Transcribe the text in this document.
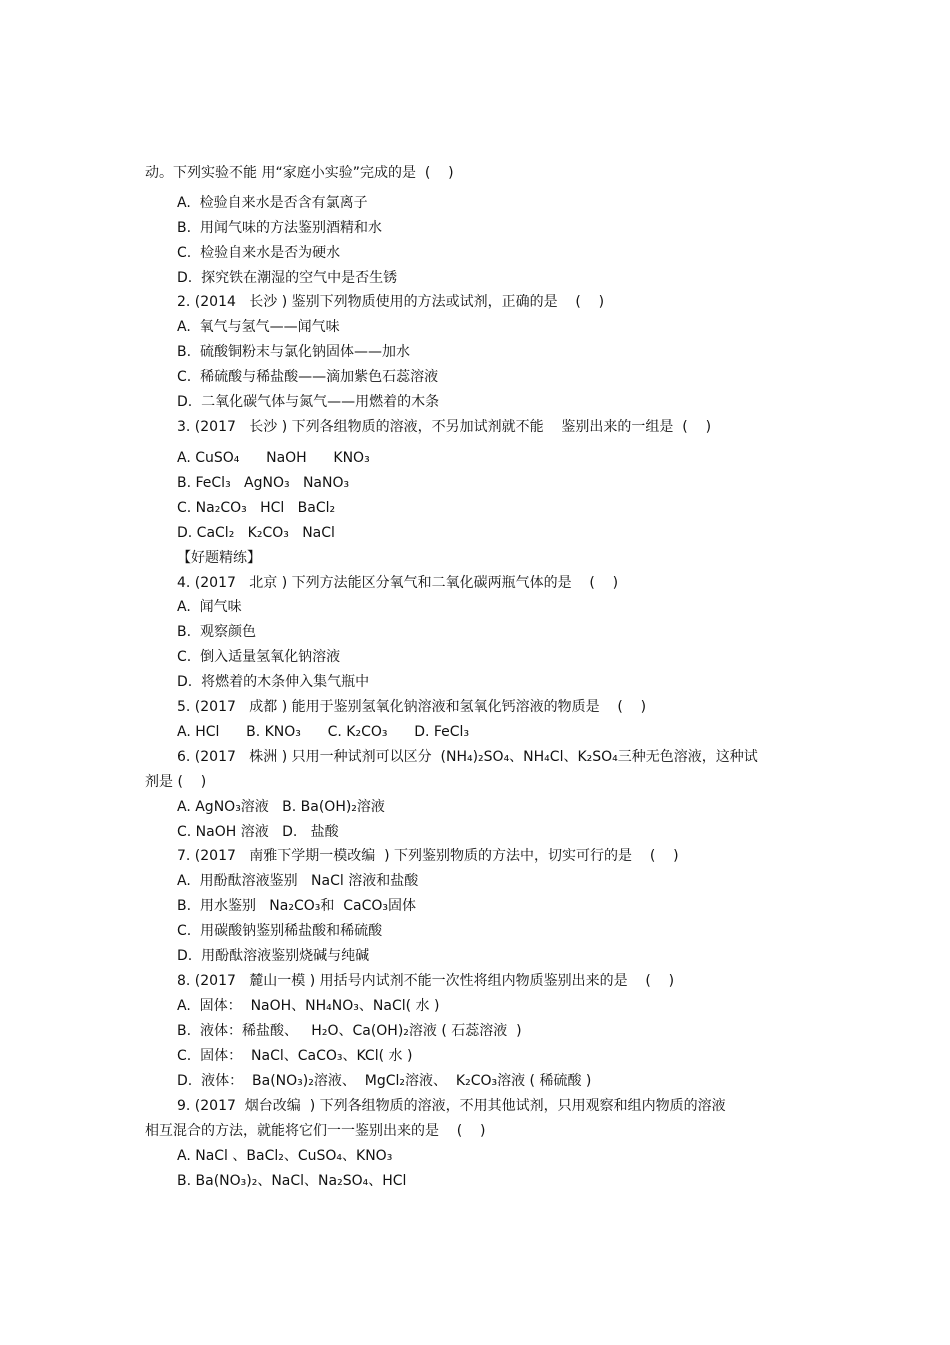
动。下列实验不能 用“家庭小实验”完成的是  (    )
A.  检验自来水是否含有氯离子
B.  用闻气味的方法鉴别酒精和水
C.  检验自来水是否为硬水
D.  探究铁在潮湿的空气中是否生锈
2. (2014   长沙 ) 鉴别下列物质使用的方法或试剂，正确的是    (    )
A.  氧气与氢气——闻气味
B.  硫酸铜粉末与氯化钠固体——加水
C.  稀硫酸与稀盐酸——滴加紫色石蕊溶液
D.  二氧化碳气体与氮气——用燃着的木条
3. (2017   长沙 ) 下列各组物质的溶液，不另加试剂就不能    鉴别出来的一组是  (    )
A. CuSO₄      NaOH      KNO₃
B. FeCl₃   AgNO₃   NaNO₃
C. Na₂CO₃   HCl   BaCl₂
D. CaCl₂   K₂CO₃   NaCl
【好题精练】
4. (2017   北京 ) 下列方法能区分氧气和二氧化碳两瓶气体的是    (    )
A.  闻气味
B.  观察颜色
C.  倒入适量氢氧化钠溶液
D.  将燃着的木条伸入集气瓶中
5. (2017   成都 ) 能用于鉴别氢氧化钠溶液和氢氧化钙溶液的物质是    (    )
A. HCl      B. KNO₃      C. K₂CO₃      D. FeCl₃
6. (2017   株洲 ) 只用一种试剂可以区分  (NH₄)₂SO₄、NH₄Cl、K₂SO₄三种无色溶液，这种试
剂是 (    )
A. AgNO₃溶液   B. Ba(OH)₂溶液
C. NaOH 溶液   D.   盐酸
7. (2017   南雅下学期一模改编  ) 下列鉴别物质的方法中，切实可行的是    (    )
A.  用酚酞溶液鉴别   NaCl 溶液和盐酸
B.  用水鉴别   Na₂CO₃和  CaCO₃固体
C.  用碳酸钠鉴别稀盐酸和稀硫酸
D.  用酚酞溶液鉴别烧碱与纯碱
8. (2017   麓山一模 ) 用括号内试剂不能一次性将组内物质鉴别出来的是    (    )
A.  固体：  NaOH、NH₄NO₃、NaCl( 水 )
B.  液体：稀盐酸、   H₂O、Ca(OH)₂溶液 ( 石蕊溶液  )
C.  固体：  NaCl、CaCO₃、KCl( 水 )
D.  液体：  Ba(NO₃)₂溶液、  MgCl₂溶液、  K₂CO₃溶液 ( 稀硫酸 )
9. (2017  烟台改编  ) 下列各组物质的溶液，不用其他试剂，只用观察和组内物质的溶液
相互混合的方法，就能将它们一一鉴别出来的是    (    )
A. NaCl 、BaCl₂、CuSO₄、KNO₃
B. Ba(NO₃)₂、NaCl、Na₂SO₄、HCl
